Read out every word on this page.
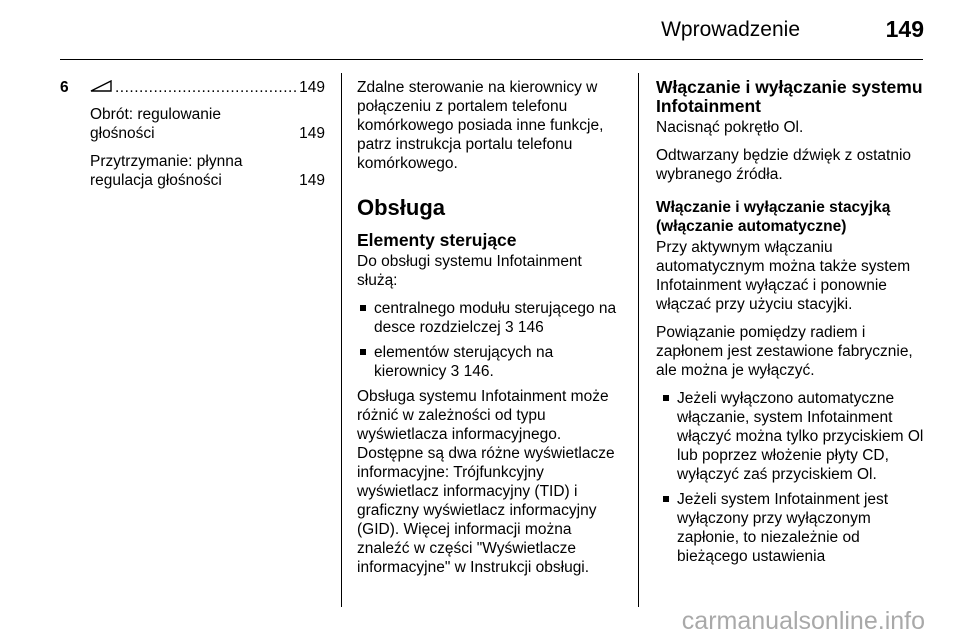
Wprowadzenie	149
6 .....	149
Obrót: regulowanie
głośności	149
Przytrzymanie: płynna
regulacja głośności	149

Zdalne sterowanie na kierownicy w połączeniu z portalem telefonu komórkowego posiada inne funkcje, patrz instrukcja portalu telefonu komórkowego.

Obsługa
Elementy sterujące

Do obsługi systemu Infotainment służą:

centralnego modułu sterującego na desce rozdzielczej 3 146
elementów sterujących na kierownicy 3 146.

Obsługa systemu Infotainment może różnić w zależności od typu wyświetlacza informacyjnego. Dostępne są dwa różne wyświetlacze informacyjne: Trójfunkcyjny wyświetlacz informacyjny (TID) i graficzny wyświetlacz informacyjny (GID). Więcej informacji można znaleźć w części "Wyświetlacze informacyjne" w Instrukcji obsługi.

Włączanie i wyłączanie systemu Infotainment

Nacisnąć pokrętło Ol.

Odtwarzany będzie dźwięk z ostatnio wybranego źródła.

Włączanie i wyłączanie stacyjką (włączanie automatyczne)

Przy aktywnym włączaniu automatycznym można także system Infotainment wyłączać i ponownie włączać przy użyciu stacyjki.

Powiązanie pomiędzy radiem i zapłonem jest zestawione fabrycznie, ale można je wyłączyć.

Jeżeli wyłączono automatyczne włączanie, system Infotainment włączyć można tylko przyciskiem Ol lub poprzez włożenie płyty CD, wyłączyć zaś przyciskiem Ol.
Jeżeli system Infotainment jest wyłączony przy wyłączonym zapłonie, to niezależnie od bieżącego ustawienia
carmanualsonline.info
